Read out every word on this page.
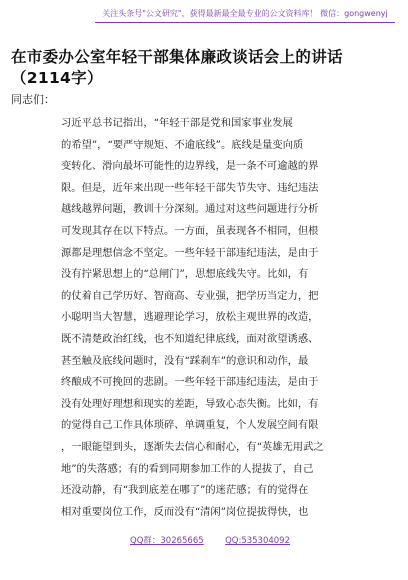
关注头条号"公文研究"，获得最新最全最专业的公文资料库！ 微信：gongwenyj
在市委办公室年轻干部集体廉政谈话会上的讲话（2114字）
同志们：
习近平总书记指出，“年轻干部是党和国家事业发展
的希望”，“要严守规矩、不逾底线”。底线是量变向质
变转化、滑向最坏可能性的边界线，是一条不可逾越的界
限。但是，近年来出现一些年轻干部失节失守、违纪违法
越线越界问题，教训十分深刻。通过对这些问题进行分析
可发现其存在以下特点。一方面，虽表现各不相同，但根
源都是理想信念不坚定。一些年轻干部违纪违法，是由于
没有拧紧思想上的“总闸门”，思想底线失守。比如，有
的仗着自己学历好、智商高、专业强，把学历当定力，把
小聪明当大智慧，逃避理论学习，放松主观世界的改造，
既不清楚政治红线，也不知道纪律底线，面对欲望诱惑、
甚至触及底线问题时，没有“踩刹车”的意识和动作，最
终酿成不可挽回的悲剧。一些年轻干部违纪违法，是由于
没有处理好理想和现实的差距，导致心态失衡。比如，有
的觉得自己工作具体琐碎、单调重复，个人发展空间有限
，一眼能望到头，逐渐失去信心和耐心，有“英雄无用武之
地”的失落感；有的看到同期参加工作的人提拔了，自己
还没动静，有“我到底差在哪了”的迷茫感；有的觉得在
相对重要岗位工作，反而没有“清闲”岗位提拔得快，也
QQ群：30265665	QQ:535304092
